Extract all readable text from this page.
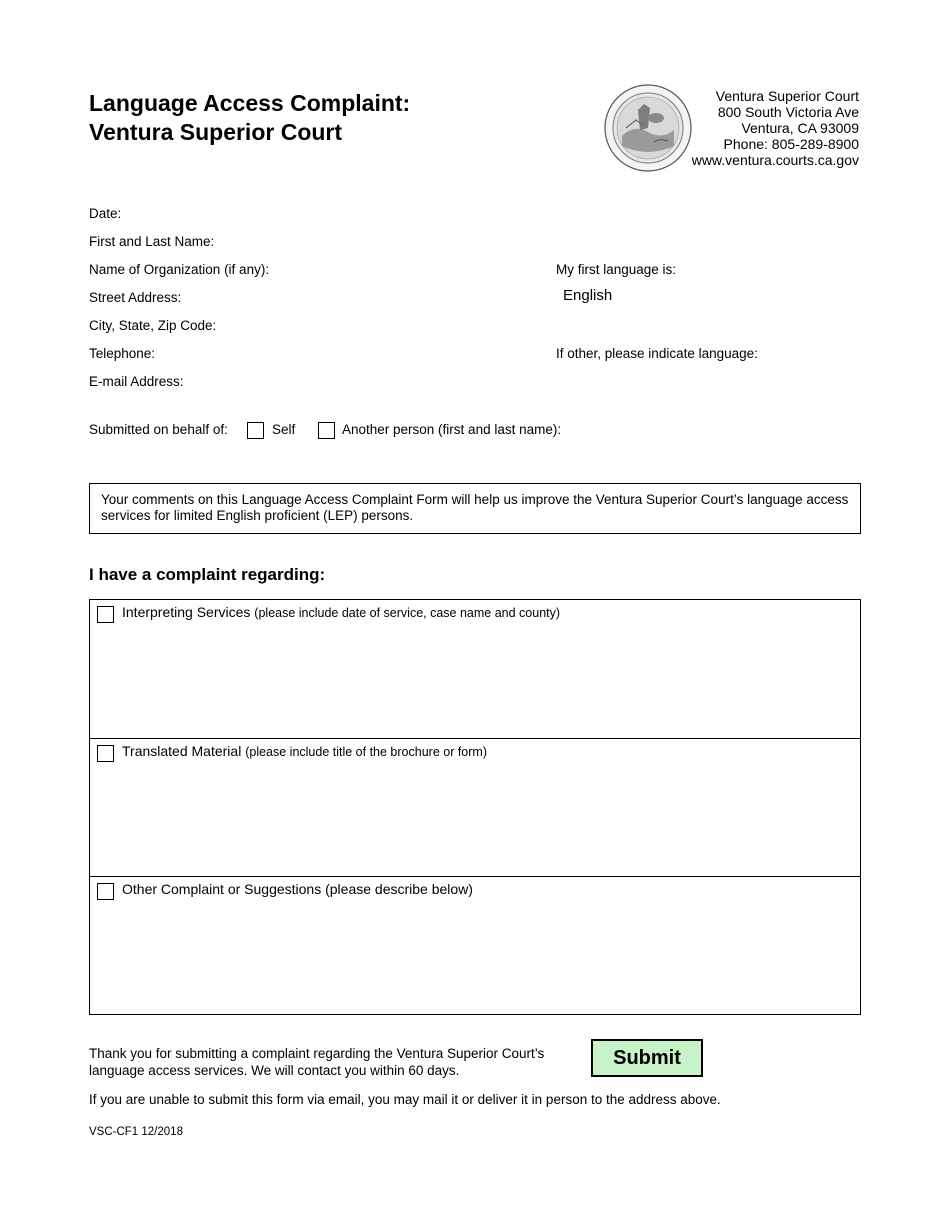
Language Access Complaint:
Ventura Superior Court
Ventura Superior Court
800 South Victoria Ave
Ventura, CA 93009
Phone: 805-289-8900
www.ventura.courts.ca.gov
Date:
First and Last Name:
Name of Organization (if any):
Street Address:
City, State, Zip Code:
Telephone:
E-mail Address:
My first language is:
English
If other, please indicate language:
Submitted on behalf of:	Self	Another person (first and last name):
Your comments on this Language Access Complaint Form will help us improve the Ventura Superior Court’s language access services for limited English proficient (LEP) persons.
I have a complaint regarding:
Interpreting Services (please include date of service, case name and county)
Translated Material (please include title of the brochure or form)
Other Complaint or Suggestions (please describe below)
Thank you for submitting a complaint regarding the Ventura Superior Court’s
language access services. We will contact you within 60 days.
Submit
If you are unable to submit this form via email, you may mail it or deliver it in person to the address above.
VSC-CF1 12/2018
